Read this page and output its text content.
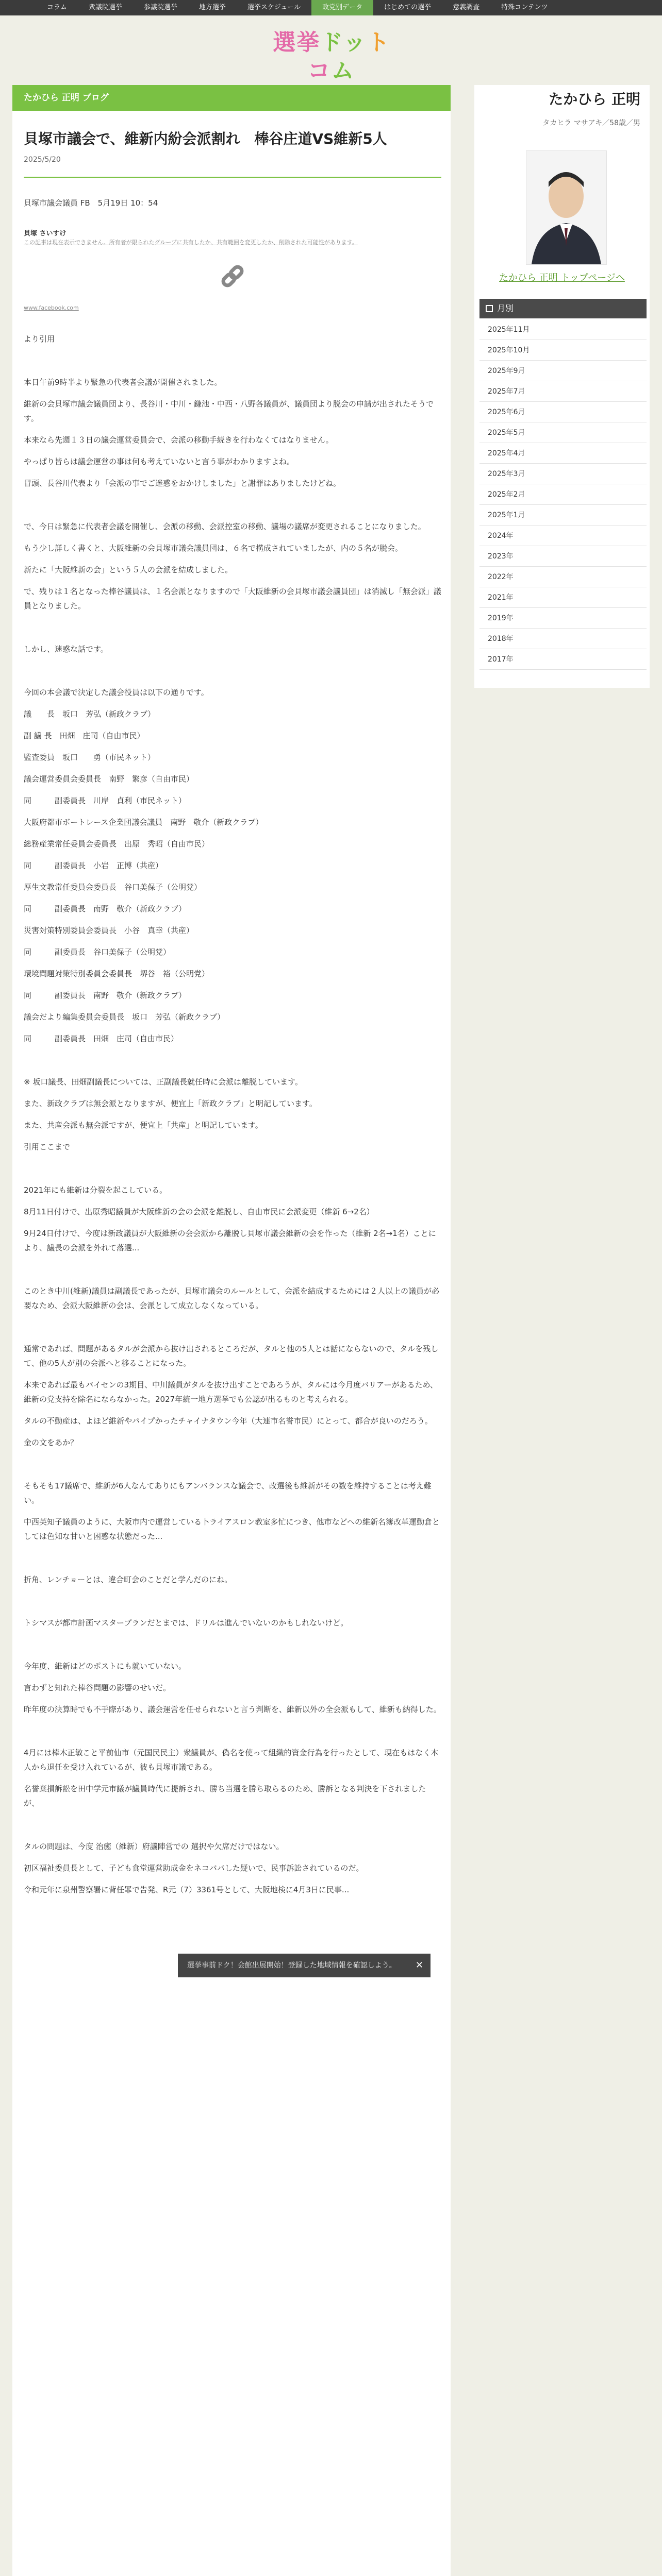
コラム	衆議院選挙	参議院選挙	地方選挙	選挙スケジュール	政党別データ	はじめての選挙	意義調査	特殊コンテンツ
選挙ドットコム
たかひら 正明 ブログ
貝塚市議会で、維新内紛会派割れ　棒谷庄道VS維新5人
2025/5/20

貝塚市議会議員 FB　5月19日 10：54

貝塚 さいすけ
この記事は現在表示できません。所有者が限られたグループに共有したか、共有範囲を変更したか、削除された可能性があります。
www.facebook.com

より引用

本日午前9時半より緊急の代表者会議が開催されました。

維新の会貝塚市議会議員団より、長谷川・中川・鎌池・中西・八野各議員が、議員団より脱会の申請が出されたそうです。

本来なら先週１３日の議会運営委員会で、会派の移動手続きを行わなくてはなりません。

やっぱり皆らは議会運営の事は何も考えていないと言う事がわかりますよね。

冒頭、長谷川代表より「会派の事でご迷惑をおかけしました」と謝罪はありましたけどね。

で、今日は緊急に代表者会議を開催し、会派の移動、会派控室の移動、議場の議席が変更されることになりました。

もう少し詳しく書くと、大阪維新の会貝塚市議会議員団は、６名で構成されていましたが、内の５名が脱会。

新たに「大阪維新の会」という５人の会派を結成しました。

で、残りは１名となった棒谷議員は、１名会派となりますので「大阪維新の会貝塚市議会議員団」は消滅し「無会派」議員となりました。

しかし、迷惑な話です。

今回の本会議で決定した議会役員は以下の通りです。

議　　長　坂口　芳弘（新政クラブ）

副 議 長　田畑　庄司（自由市民）

監査委員　坂口　　勇（市民ネット）

議会運営委員会委員長　南野　繁彦（自由市民）

同　　　副委員長　川岸　貞利（市民ネット）

大阪府都市ボートレース企業団議会議員　南野　敬介（新政クラブ）

総務産業常任委員会委員長　出原　秀昭（自由市民）

同　　　副委員長　小岩　正博（共産）

厚生文教常任委員会委員長　谷口美保子（公明党）

同　　　副委員長　南野　敬介（新政クラブ）

災害対策特別委員会委員長　小谷　真幸（共産）

同　　　副委員長　谷口美保子（公明党）

環境問題対策特別委員会委員長　堺谷　裕（公明党）

同　　　副委員長　南野　敬介（新政クラブ）

議会だより編集委員会委員長　坂口　芳弘（新政クラブ）

同　　　副委員長　田畑　庄司（自由市民）

※ 坂口議長、田畑副議長については、正副議長就任時に会派は離脱しています。

また、新政クラブは無会派となりますが、便宜上「新政クラブ」と明記しています。

また、共産会派も無会派ですが、便宜上「共産」と明記しています。

引用ここまで

2021年にも維新は分裂を起こしている。

8月11日付けで、出原秀昭議員が大阪維新の会の会派を離脱し、自由市民に会派変更（維新 6→2名）

9月24日付けで、今度は新政議員が大阪維新の会会派から離脱し貝塚市議会維新の会を作った（維新 2名→1名）ことにより、議長の会派を外れて落選...

このとき中川(維新)議員は副議長であったが、貝塚市議会のルールとして、会派を結成するためには２人以上の議員が必要なため、会派大阪維新の会は、会派として成立しなくなっている。

通常であれば、問題があるタルが会派から抜け出されるところだが、タルと他の5人とは話にならないので、タルを残して、他の5人が別の会派へと移ることになった。

本来であれば最もパイセンの3期目、中川議員がタルを抜け出すことであろうが、タルには今月度バリアーがあるため、維新の党支持を除名にならなかった。2027年統一地方選挙でも公認が出るものと考えられる。

タルの不動産は、よほど維新やパイプかったチャイナタウン今年（大連市名誉市民）にとって、都合が良いのだろう。

金の文をあか？

そもそも17議席で、維新が6人なんてありにもアンバランスな議会で、改選後も維新がその数を維持することは考え難い。

中西英知子議員のように、大阪市内で運営している卜ライアスロン教室多忙につき、他市などへの維新名簿改革運動倉としては色知な甘いと困惑な状態だった...

折角、レンチョーとは、違合町会のことだと学んだのにね。

トシマスが都市計画マスタープランだとまでは、ドリルは進んでいないのかもしれないけど。

今年度、維新はどのポストにも就いていない。

言わずと知れた棒谷問題の影響のせいだ。

昨年度の決算時でも不手際があり、議会運営を任せられないと言う判断を、維新以外の全会派もして、維新も納得した。

4月には棒木正敏こと平前仙市（元国民民主）衆議員が、偽名を使って組織的資金行為を行ったとして、現在もはなく本人から退任を受け入れているが、彼も貝塚市議である。

名誉棄損訴訟を田中学元市議が議員時代に提訴され、勝ち当選を勝ち取らるのため、勝訴となる判決を下されましたが、

タルの問題は、今度 治癒（維新）府議陣営での 選択や欠席だけではない。

初区福祉委員長として、子ども食堂運営助成金をネコババした疑いで、民事訴訟されているのだ。

令和元年に泉州警察署に背任罪で告発、R元（7）3361号として、大阪地検に4月3日に民事...

たかひら 正明
タカヒラ マサアキ／58歳／男
たかひら 正明 トップページへ
月別
2025年11月
2025年10月
2025年9月
2025年7月
2025年6月
2025年5月
2025年4月
2025年3月
2025年2月
2025年1月
2024年
2023年
2022年
2021年
2019年
2018年
2017年
選挙事前ドク！会館出展開始！登録した地域情報を確認しよう。 ✕
